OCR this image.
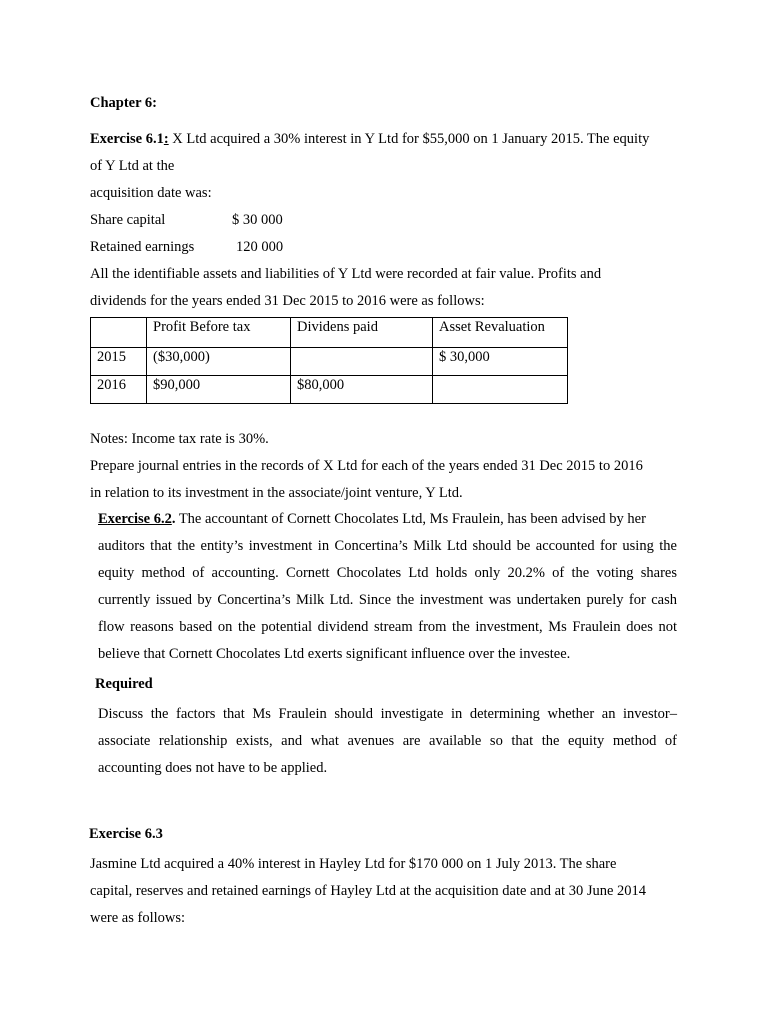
Chapter 6:
Exercise 6.1: X Ltd acquired a 30% interest in Y Ltd for $55,000 on 1 January 2015. The equity
of Y Ltd at the
acquisition date was:
Share capital	$ 30 000
Retained earnings	120 000
All the identifiable assets and liabilities of Y Ltd were recorded at fair value. Profits and
dividends for the years ended 31 Dec 2015 to 2016 were as follows:
	Profit Before tax	Dividens paid	Asset Revaluation
2015	($30,000)		$ 30,000
2016	$90,000	$80,000	
Notes: Income tax rate is 30%.
Prepare journal entries in the records of X Ltd for each of the years ended 31 Dec 2015 to 2016
in relation to its investment in the associate/joint venture, Y Ltd.
Exercise 6.2. The accountant of Cornett Chocolates Ltd, Ms Fraulein, has been advised by her
auditors that the entity’s investment in Concertina’s Milk Ltd should be accounted for using the
equity method of accounting. Cornett Chocolates Ltd holds only 20.2% of the voting shares
currently issued by Concertina’s Milk Ltd. Since the investment was undertaken purely for cash
flow reasons based on the potential dividend stream from the investment, Ms Fraulein does not
believe that Cornett Chocolates Ltd exerts significant influence over the investee.
Required
Discuss the factors that Ms Fraulein should investigate in determining whether an investor–
associate relationship exists, and what avenues are available so that the equity method of
accounting does not have to be applied.
Exercise 6.3
Jasmine Ltd acquired a 40% interest in Hayley Ltd for $170 000 on 1 July 2013. The share
capital, reserves and retained earnings of Hayley Ltd at the acquisition date and at 30 June 2014
were as follows:
